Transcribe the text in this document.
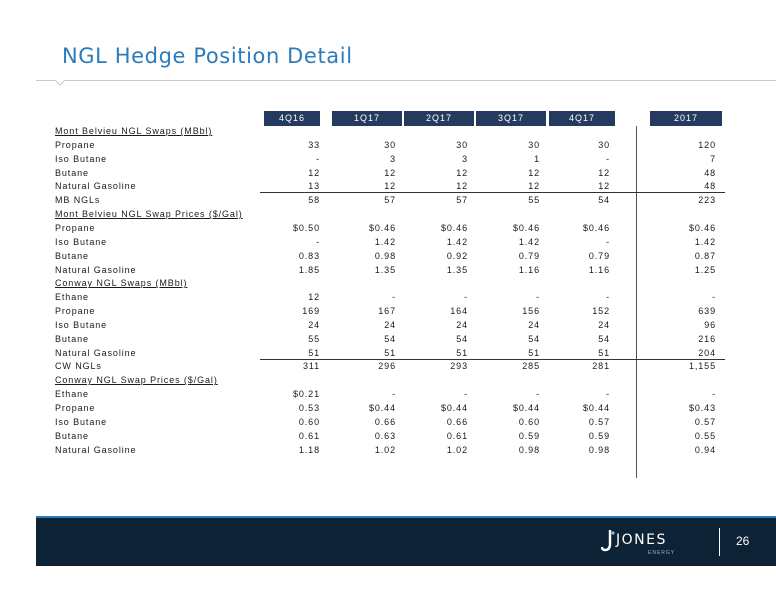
NGL Hedge Position Detail
4Q16	1Q17	2Q17	3Q17	4Q17	2017
Mont Belvieu NGL Swaps (MBbl)
Propane	33	30	30	30	30	120
Iso Butane	-	3	3	1	-	7
Butane	12	12	12	12	12	48
Natural Gasoline	13	12	12	12	12	48
MB NGLs	58	57	57	55	54	223
Mont Belvieu NGL Swap Prices ($/Gal)
Propane	$0.50	$0.46	$0.46	$0.46	$0.46	$0.46
Iso Butane	-	1.42	1.42	1.42	-	1.42
Butane	0.83	0.98	0.92	0.79	0.79	0.87
Natural Gasoline	1.85	1.35	1.35	1.16	1.16	1.25
Conway NGL Swaps (MBbl)
Ethane	12	-	-	-	-	-
Propane	169	167	164	156	152	639
Iso Butane	24	24	24	24	24	96
Butane	55	54	54	54	54	216
Natural Gasoline	51	51	51	51	51	204
CW NGLs	311	296	293	285	281	1,155
Conway NGL Swap Prices ($/Gal)
Ethane	$0.21	-	-	-	-	-
Propane	0.53	$0.44	$0.44	$0.44	$0.44	$0.43
Iso Butane	0.60	0.66	0.66	0.60	0.57	0.57
Butane	0.61	0.63	0.61	0.59	0.59	0.55
Natural Gasoline	1.18	1.02	1.02	0.98	0.98	0.94
JONES
ENERGY
26
